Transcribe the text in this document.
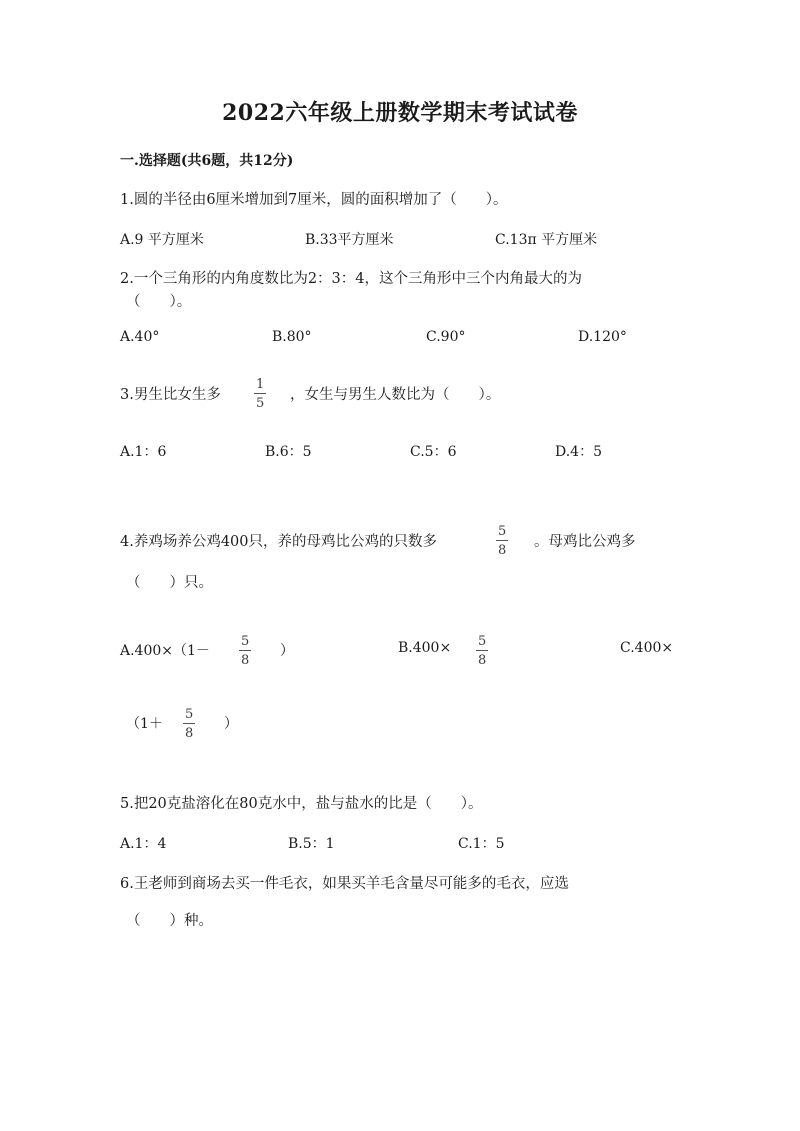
2022六年级上册数学期末考试试卷
一.选择题(共6题，共12分)
1.圆的半径由6厘米增加到7厘米，圆的面积增加了（　　）。
A.9 平方厘米	B.33平方厘米	C.13π 平方厘米
2.一个三角形的内角度数比为2：3：4，这个三角形中三个内角最大的为
（　　）。
A.40°	B.80°	C.90°	D.120°
3.男生比女生多
1
5
，女生与男生人数比为（　　）。
A.1：6	B.6：5	C.5：6	D.4：5
4.养鸡场养公鸡400只，养的母鸡比公鸡的只数多
5
8
。母鸡比公鸡多
（　　）只。
A.400×（1－
5
8
）	B.400× 5
8
C.400×
（1＋
5
8
）
5.把20克盐溶化在80克水中，盐与盐水的比是（　　）。
A.1：4	B.5：1	C.1：5
6.王老师到商场去买一件毛衣，如果买羊毛含量尽可能多的毛衣，应选
（　　）种。
